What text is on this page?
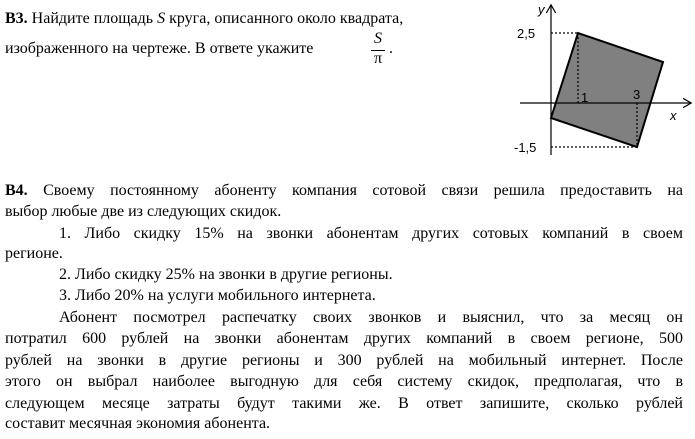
B3. Найдите площадь S круга, описанного около квадрата,
изображенного на чертеже. В ответе укажите
S
π
.
y
x
2,5
-1,5
1	3
B4. Своему постоянному абоненту компания сотовой связи решила предоставить на
выбор любые две из следующих скидок.
1. Либо скидку 15% на звонки абонентам других сотовых компаний в своем
регионе.
2. Либо скидку 25% на звонки в другие регионы.
3. Либо 20% на услуги мобильного интернета.
Абонент посмотрел распечатку своих звонков и выяснил, что за месяц он
потратил 600 рублей на звонки абонентам других компаний в своем регионе, 500
рублей на звонки в другие регионы и 300 рублей на мобильный интернет. После
этого он выбрал наиболее выгодную для себя систему скидок, предполагая, что в
следующем месяце затраты будут такими же. В ответ запишите, сколько рублей
составит месячная экономия абонента.
